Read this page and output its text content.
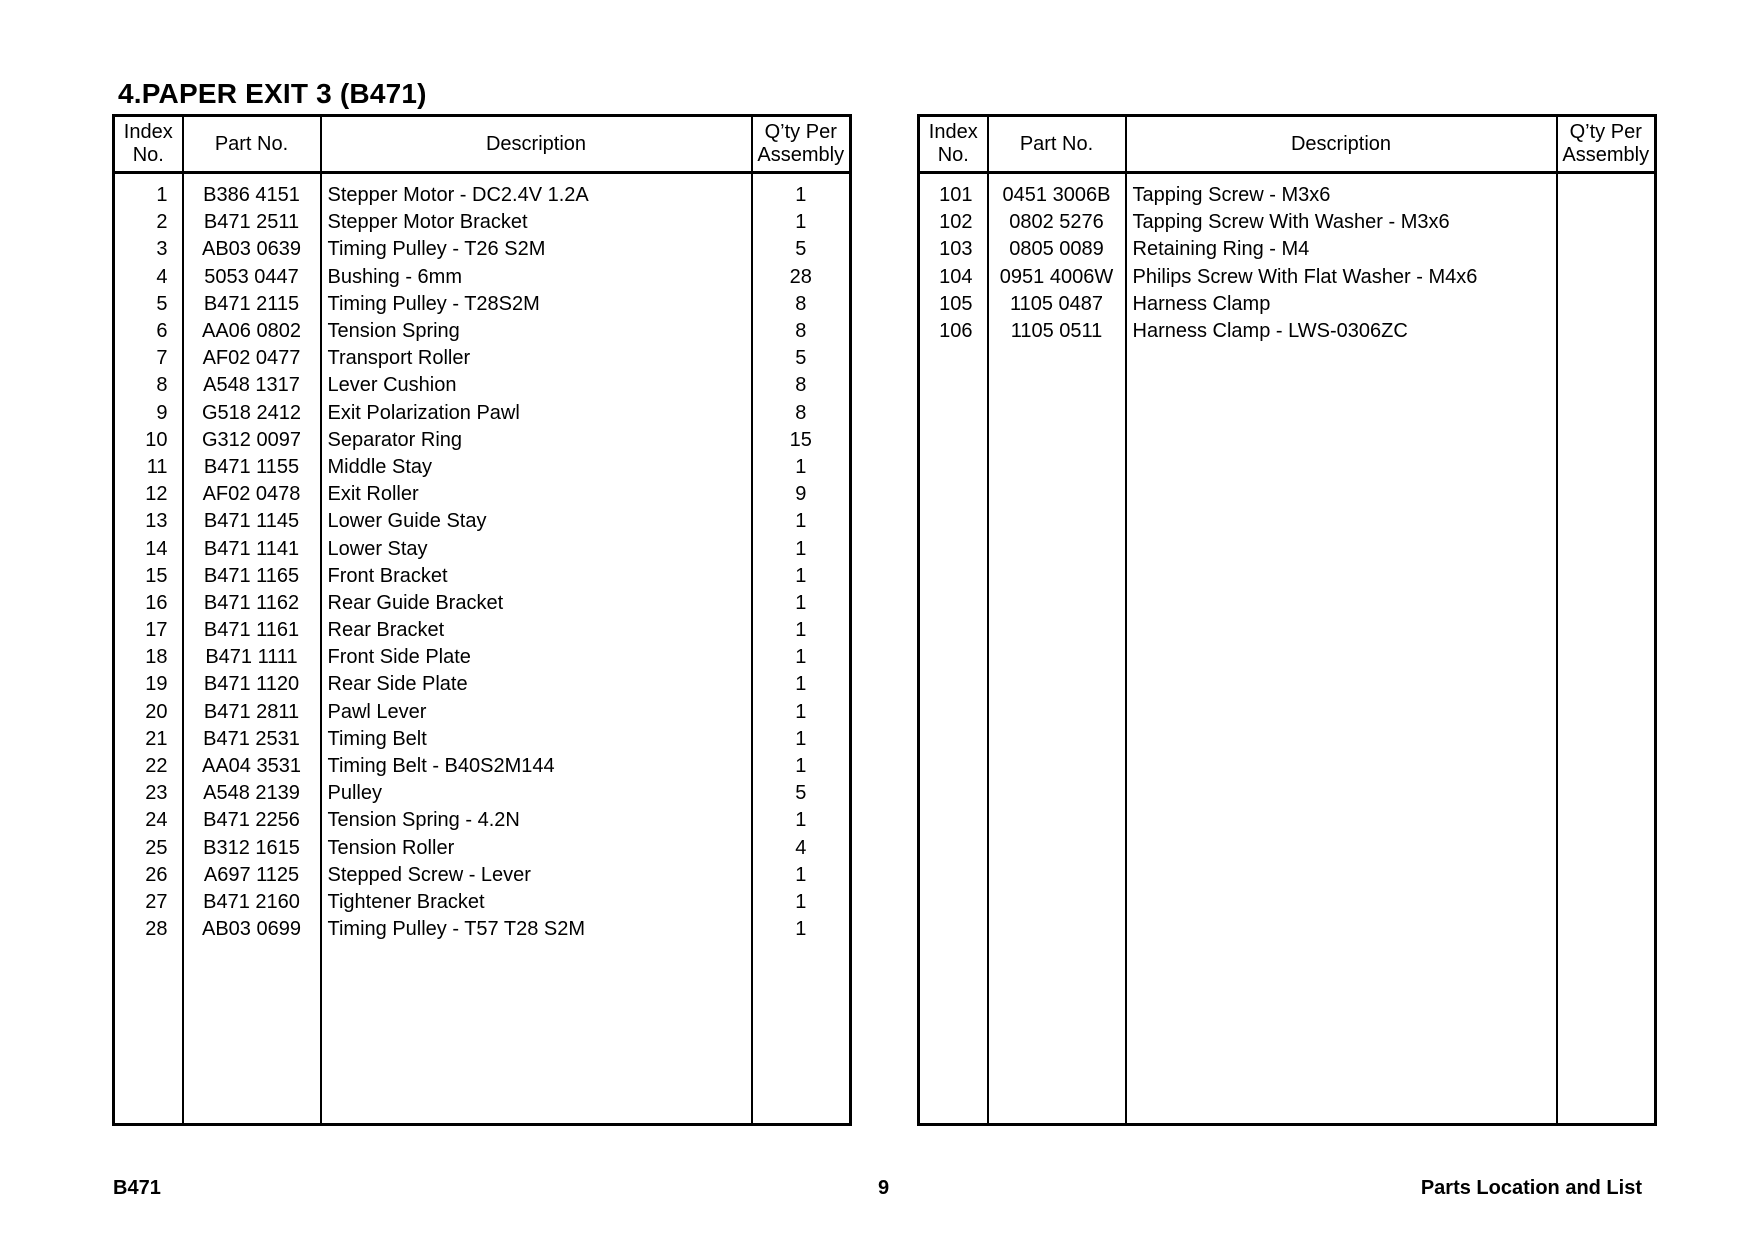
4.PAPER EXIT 3 (B471)
Index
No.	Part No.	Description	Q’ty Per
Assembly
1	B386 4151	Stepper Motor - DC2.4V 1.2A	1
2	B471 2511	Stepper Motor Bracket	1
3	AB03 0639	Timing Pulley - T26 S2M	5
4	5053 0447	Bushing - 6mm	28
5	B471 2115	Timing Pulley - T28S2M	8
6	AA06 0802	Tension Spring	8
7	AF02 0477	Transport Roller	5
8	A548 1317	Lever Cushion	8
9	G518 2412	Exit Polarization Pawl	8
10	G312 0097	Separator Ring	15
11	B471 1155	Middle Stay	1
12	AF02 0478	Exit Roller	9
13	B471 1145	Lower Guide Stay	1
14	B471 1141	Lower Stay	1
15	B471 1165	Front Bracket	1
16	B471 1162	Rear Guide Bracket	1
17	B471 1161	Rear Bracket	1
18	B471 1111	Front Side Plate	1
19	B471 1120	Rear Side Plate	1
20	B471 2811	Pawl Lever	1
21	B471 2531	Timing Belt	1
22	AA04 3531	Timing Belt - B40S2M144	1
23	A548 2139	Pulley	5
24	B471 2256	Tension Spring - 4.2N	1
25	B312 1615	Tension Roller	4
26	A697 1125	Stepped Screw - Lever	1
27	B471 2160	Tightener Bracket	1
28	AB03 0699	Timing Pulley - T57 T28 S2M	1

Index
No.	Part No.	Description	Q’ty Per
Assembly
101	0451 3006B	Tapping Screw - M3x6	
102	0802 5276	Tapping Screw With Washer - M3x6	
103	0805 0089	Retaining Ring - M4	
104	0951 4006W	Philips Screw With Flat Washer - M4x6	
105	1105 0487	Harness Clamp	
106	1105 0511	Harness Clamp - LWS-0306ZC	

B471	9	Parts Location and List
